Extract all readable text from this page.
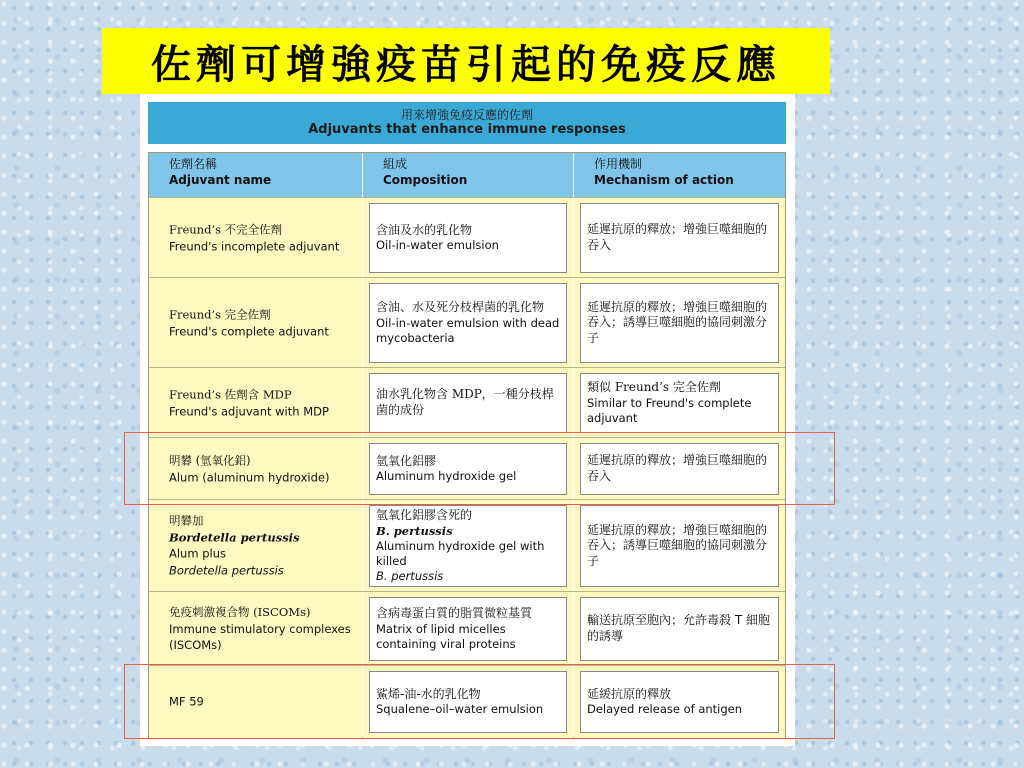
佐劑可增強疫苗引起的免疫反應
用來增強免疫反應的佐劑
Adjuvants that enhance immune responses
佐劑名稱
Adjuvant name
組成
Composition
作用機制
Mechanism of action
Freund’s 不完全佐劑
Freund's incomplete adjuvant
含油及水的乳化物
Oil-in-water emulsion
延遲抗原的釋放；增強巨噬細胞的吞入
Freund’s 完全佐劑
Freund's complete adjuvant
含油、水及死分枝桿菌的乳化物
Oil-in-water emulsion with dead mycobacteria
延遲抗原的釋放；增強巨噬細胞的吞入；誘導巨噬細胞的協同刺激分子
Freund’s 佐劑含 MDP
Freund's adjuvant with MDP
油水乳化物含 MDP，一種分枝桿菌的成份
類似 Freund’s 完全佐劑
Similar to Freund's complete adjuvant
明礬 (氫氧化鋁)
Alum (aluminum hydroxide)
氫氧化鋁膠
Aluminum hydroxide gel
延遲抗原的釋放；增強巨噬細胞的吞入
明礬加
Bordetella pertussis
Alum plus
Bordetella pertussis
氫氧化鋁膠含死的
B. pertussis
Aluminum hydroxide gel with killed
B. pertussis
延遲抗原的釋放；增強巨噬細胞的吞入；誘導巨噬細胞的協同刺激分子
免疫刺激複合物 (ISCOMs)
Immune stimulatory complexes (ISCOMs)
含病毒蛋白質的脂質微粒基質
Matrix of lipid micelles containing viral proteins
輸送抗原至胞內；允許毒殺 T 細胞的誘導
MF 59
鯊烯-油-水的乳化物
Squalene–oil–water emulsion
延緩抗原的釋放
Delayed release of antigen
